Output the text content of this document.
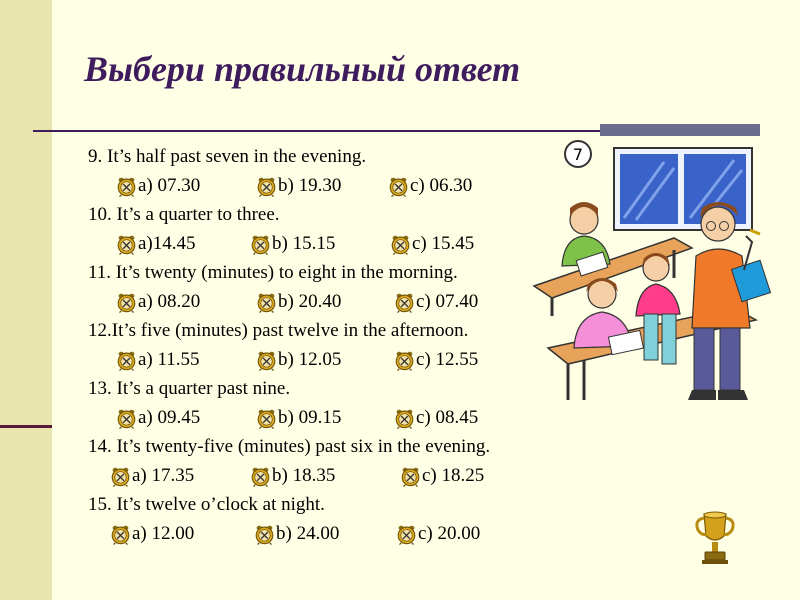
Выбери правильный ответ
9. It’s half past seven in the evening.
a) 07.30	b) 19.30	c) 06.30
10. It’s a quarter to three.
a)14.45	b) 15.15	c) 15.45
11. It’s twenty (minutes) to eight in the morning.
a) 08.20	b) 20.40	c) 07.40
12.It’s five (minutes) past twelve in the afternoon.
a) 11.55	b) 12.05	c) 12.55
13. It’s a quarter past nine.
a) 09.45	b) 09.15	c) 08.45
14. It’s twenty-five (minutes) past six in the evening.
a) 17.35	b) 18.35	c) 18.25
15. It’s twelve o’clock at night.
a) 12.00	b) 24.00	c) 20.00
7
